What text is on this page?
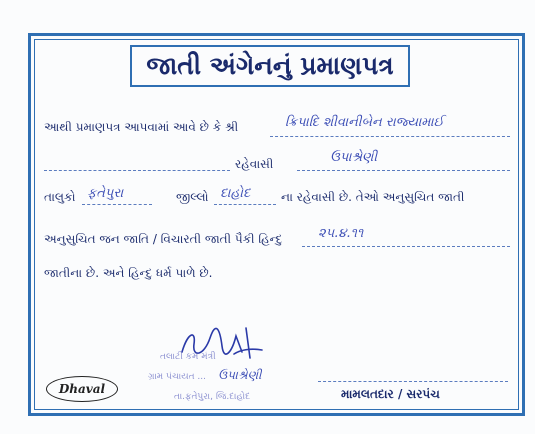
જાતી અંગેનનું પ્રમાણપત્ર
આથી પ્રમાણપત્ર આપવામાં આવે છે કે શ્રી	ક્રિપાદિ શીવાનીબેન રાજ્યામાઈ
રહેવાસી	ઉપાશ્રેણી
તાલુકો ફતેપુરા	જીલ્લો દાહોદ	ના રહેવાસી છે. તેઓ અનુસુચિત જાતી
અનુસુચિત જન જાતિ / વિચારતી જાતી પૈકી હિન્દુ	૨૫.૪.૧૧
જાતીના છે. અને હિન્દુ ધર્મ પાળે છે.
તલાટી કમ મંત્રી
ગ્રામ પંચાયત ... ઉપાશ્રેણી
તા.ફતેપુરા, જિ.દાહોદ
Dhaval	મામલતદાર / સરપંચ
